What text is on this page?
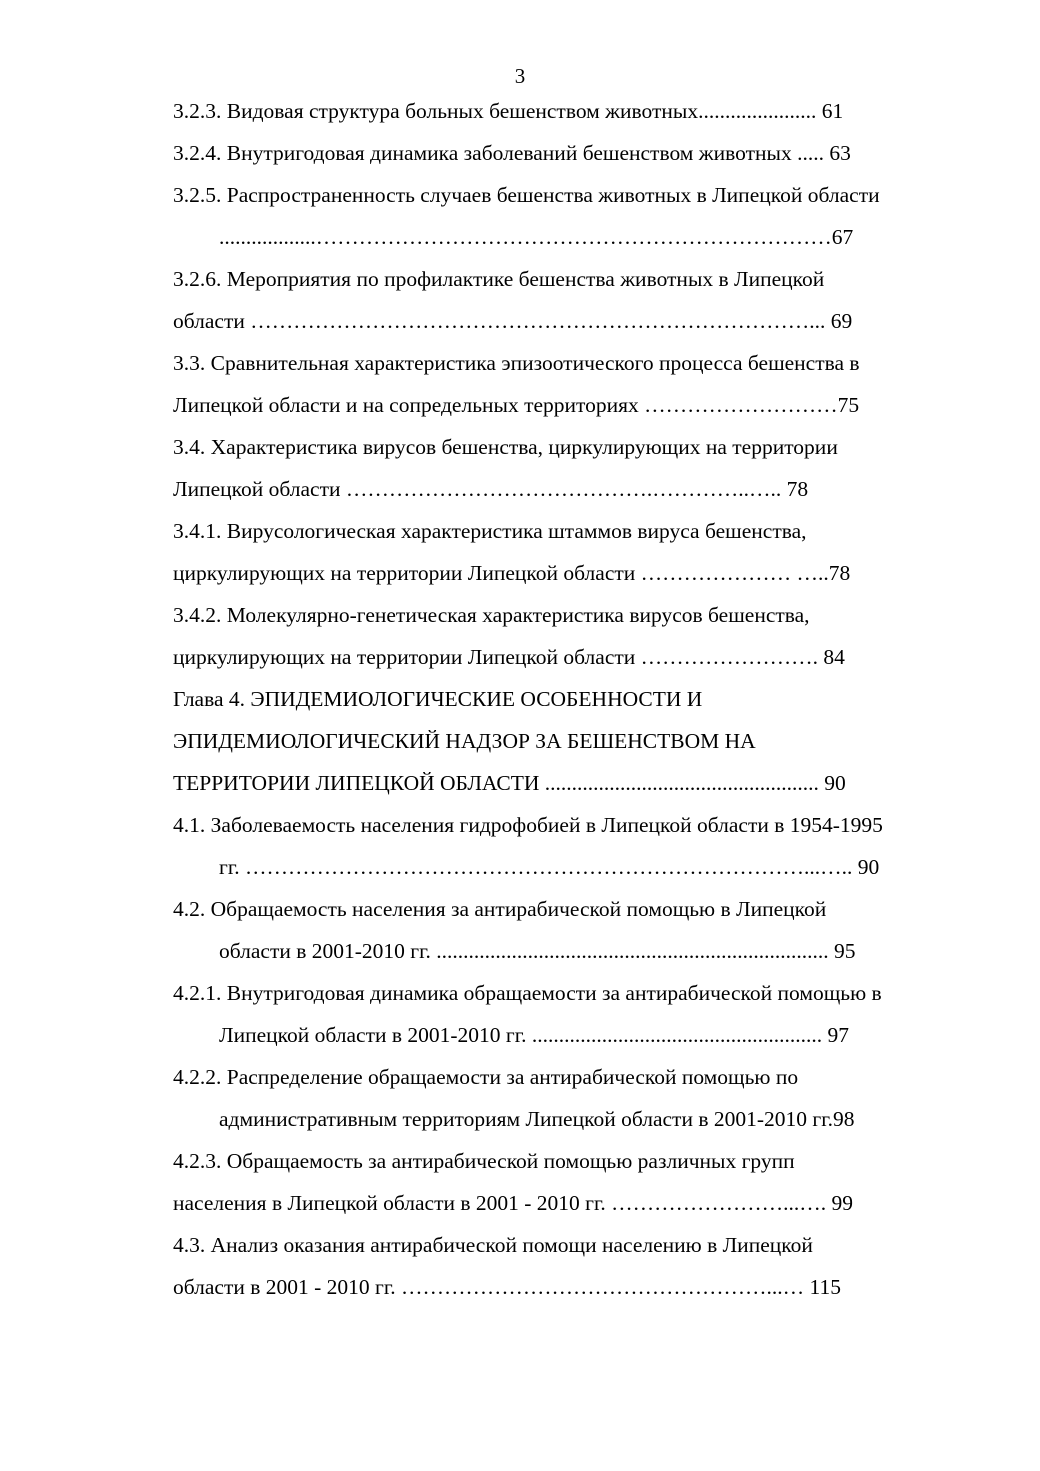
3
3.2.3. Видовая структура больных бешенством животных...................... 61
3.2.4. Внутригодовая динамика заболеваний бешенством животных ..... 63
3.2.5. Распространенность случаев бешенства животных в Липецкой области
..................………………………………………………………………67
3.2.6. Мероприятия по профилактике бешенства животных в Липецкой
области ……………………………………………………………………... 69
3.3. Сравнительная характеристика эпизоотического процесса бешенства в
Липецкой области и на сопредельных территориях ………………………75
3.4. Характеристика вирусов бешенства, циркулирующих на территории
Липецкой области …………………………………….…………..….. 78
3.4.1. Вирусологическая характеристика штаммов вируса бешенства,
циркулирующих на территории Липецкой области ………………… …..78
3.4.2. Молекулярно-генетическая характеристика вирусов бешенства,
циркулирующих на территории Липецкой области ……………………. 84
Глава 4. ЭПИДЕМИОЛОГИЧЕСКИЕ ОСОБЕННОСТИ И
ЭПИДЕМИОЛОГИЧЕСКИЙ НАДЗОР ЗА БЕШЕНСТВОМ НА
ТЕРРИТОРИИ ЛИПЕЦКОЙ ОБЛАСТИ ................................................... 90
4.1. Заболеваемость населения гидрофобией в Липецкой области в 1954-1995
гг. ……………………………………………………………………...….. 90
4.2. Обращаемость населения за антирабической помощью в Липецкой
области в 2001-2010 гг. ......................................................................... 95
4.2.1. Внутригодовая динамика обращаемости за антирабической помощью в
Липецкой области в 2001-2010 гг. ...................................................... 97
4.2.2. Распределение обращаемости за антирабической помощью по
административным территориям Липецкой области в 2001-2010 гг.98
4.2.3. Обращаемость за антирабической помощью различных групп
населения в Липецкой области в 2001 - 2010 гг. ……………………...…. 99
4.3. Анализ оказания антирабической помощи населению в Липецкой
области в 2001 - 2010 гг. ……………………………………………...… 115
